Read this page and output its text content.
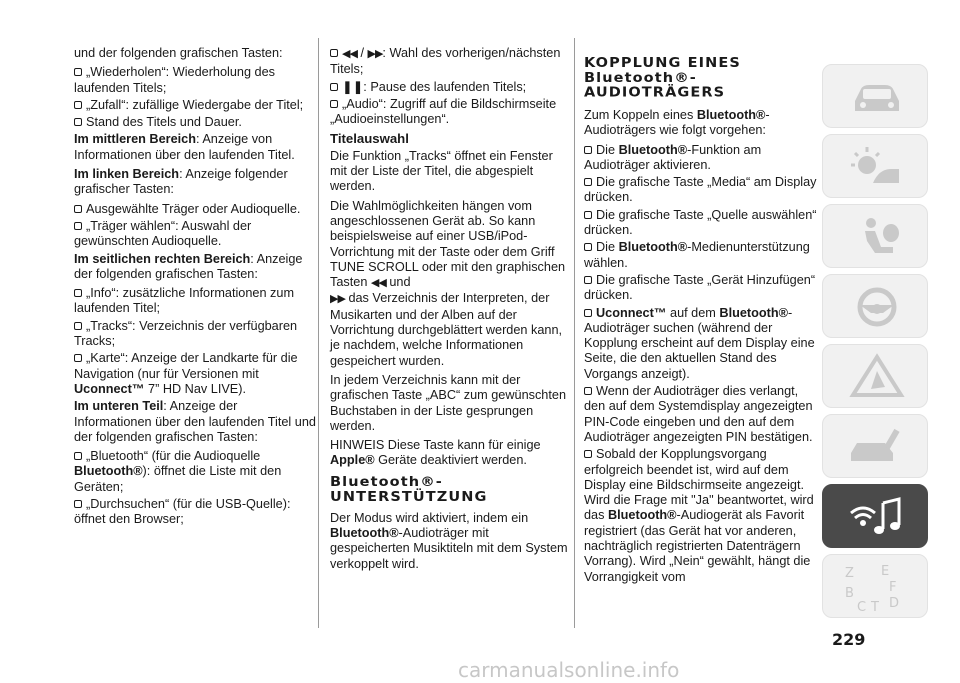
und der folgenden grafischen Tasten:

„Wiederholen“: Wiederholung des laufenden Titels;

„Zufall“: zufällige Wiedergabe der Titel;

Stand des Titels und Dauer.

Im mittleren Bereich: Anzeige von Informationen über den laufenden Titel.

Im linken Bereich: Anzeige folgender grafischer Tasten:

Ausgewählte Träger oder Audioquelle.

„Träger wählen“: Auswahl der gewünschten Audioquelle.

Im seitlichen rechten Bereich: Anzeige der folgenden grafischen Tasten:

„Info“: zusätzliche Informationen zum laufenden Titel;

„Tracks“: Verzeichnis der verfügbaren Tracks;

„Karte“: Anzeige der Landkarte für die Navigation (nur für Versionen mit Uconnect™ 7” HD Nav LIVE).

Im unteren Teil: Anzeige der Informationen über den laufenden Titel und der folgenden grafischen Tasten:

„Bluetooth“ (für die Audioquelle Bluetooth®): öffnet die Liste mit den Geräten;

„Durchsuchen“ (für die USB-Quelle): öffnet den Browser;

◀◀ / ▶▶: Wahl des vorherigen/nächsten Titels;

❚❚: Pause des laufenden Titels;

„Audio“: Zugriff auf die Bildschirmseite „Audioeinstellungen“.

Titelauswahl

Die Funktion „Tracks“ öffnet ein Fenster mit der Liste der Titel, die abgespielt werden.

Die Wahlmöglichkeiten hängen vom angeschlossenen Gerät ab. So kann beispielsweise auf einer USB/iPod-Vorrichtung mit der Taste oder dem Griff TUNE SCROLL oder mit den graphischen Tasten ◀◀ und
▶▶ das Verzeichnis der Interpreten, der Musikarten und der Alben auf der Vorrichtung durchgeblättert werden kann, je nachdem, welche Informationen gespeichert wurden.

In jedem Verzeichnis kann mit der grafischen Taste „ABC“ zum gewünschten Buchstaben in der Liste gesprungen werden.

HINWEIS Diese Taste kann für einige Apple® Geräte deaktiviert werden.

Bluetooth®-
UNTERSTÜTZUNG

Der Modus wird aktiviert, indem ein Bluetooth®-Audioträger mit gespeicherten Musiktiteln mit dem System verkoppelt wird.

KOPPLUNG EINES
Bluetooth®-
AUDIOTRÄGERS

Zum Koppeln eines Bluetooth®-Audioträgers wie folgt vorgehen:

Die Bluetooth®-Funktion am Audioträger aktivieren.

Die grafische Taste „Media“ am Display drücken.

Die grafische Taste „Quelle auswählen“ drücken.

Die Bluetooth®-Medienunterstützung wählen.

Die grafische Taste „Gerät Hinzufügen“ drücken.

Uconnect™ auf dem Bluetooth®-Audioträger suchen (während der Kopplung erscheint auf dem Display eine Seite, die den aktuellen Stand des Vorgangs anzeigt).

Wenn der Audioträger dies verlangt, den auf dem Systemdisplay angezeigten PIN-Code eingeben und den auf dem Audioträger angezeigten PIN bestätigen.

Sobald der Kopplungsvorgang erfolgreich beendet ist, wird auf dem Display eine Bildschirmseite angezeigt. Wird die Frage mit "Ja" beantwortet, wird das Bluetooth®-Audiogerät als Favorit registriert (das Gerät hat vor anderen, nachträglich registrierten Datenträgern Vorrang). Wird „Nein“ gewählt, hängt die Vorrangigkeit vom	Z E
B	F
C T D
229
carmanualsonline.info
